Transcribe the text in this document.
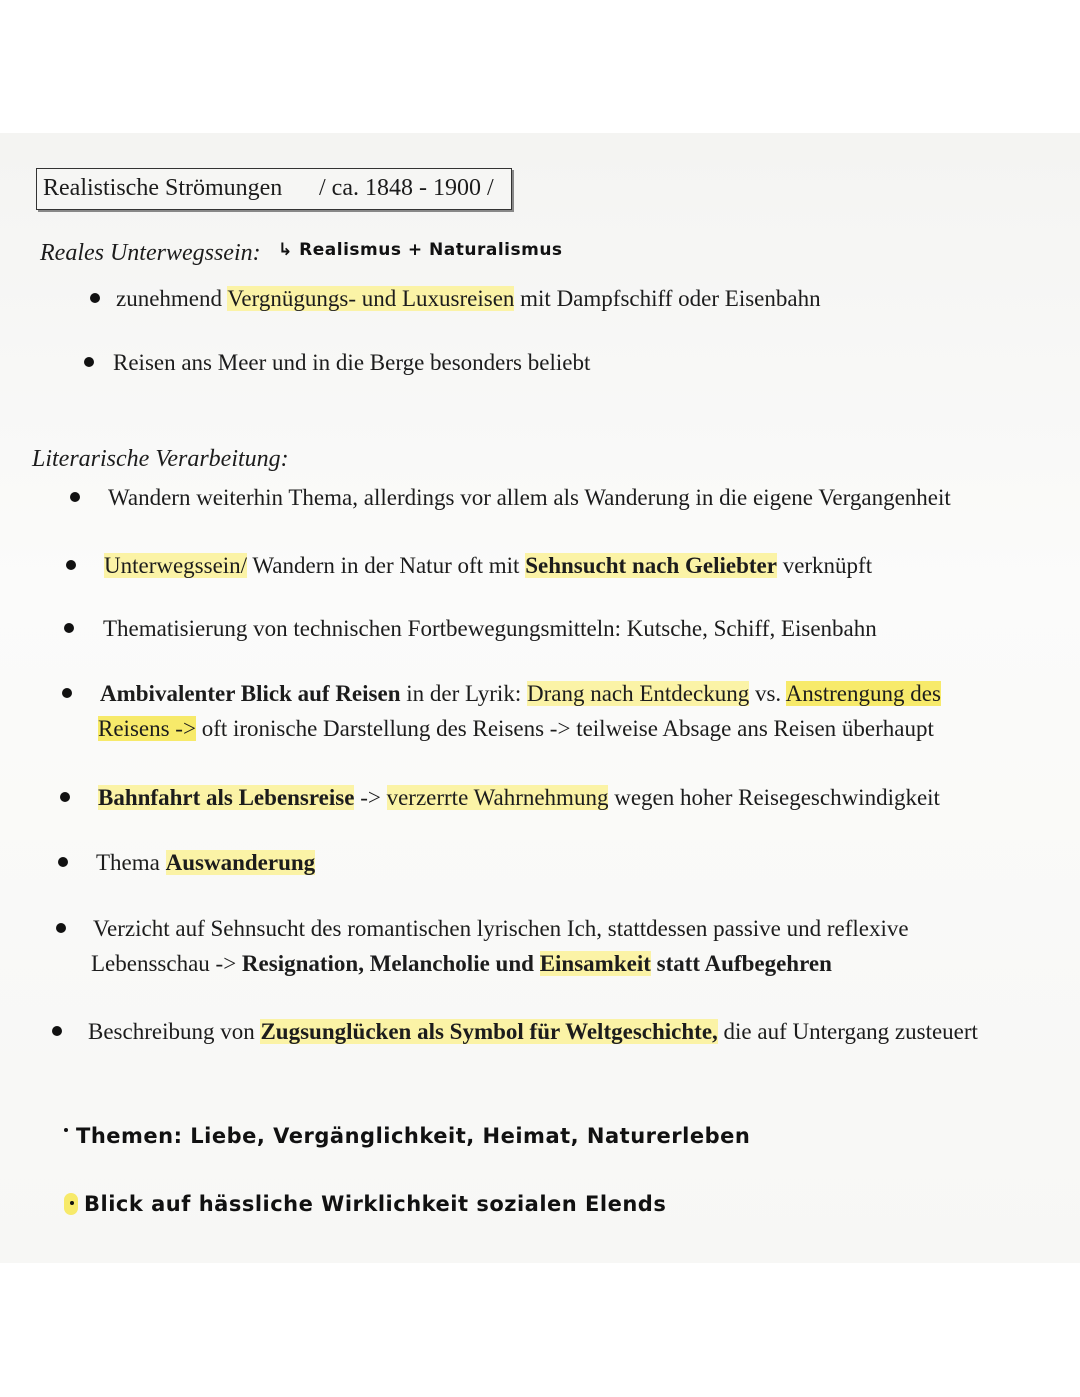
Realistische Strömungen / ca. 1848 - 1900 /
Reales Unterwegssein: ↳ Realismus + Naturalismus
zunehmend Vergnügungs- und Luxusreisen mit Dampfschiff oder Eisenbahn
Reisen ans Meer und in die Berge besonders beliebt
Literarische Verarbeitung:
Wandern weiterhin Thema, allerdings vor allem als Wanderung in die eigene Vergangenheit
Unterwegssein/ Wandern in der Natur oft mit Sehnsucht nach Geliebter verknüpft
Thematisierung von technischen Fortbewegungsmitteln: Kutsche, Schiff, Eisenbahn
Ambivalenter Blick auf Reisen in der Lyrik: Drang nach Entdeckung vs. Anstrengung des
Reisens -> oft ironische Darstellung des Reisens -> teilweise Absage ans Reisen überhaupt
Bahnfahrt als Lebensreise -> verzerrte Wahrnehmung wegen hoher Reisegeschwindigkeit
Thema Auswanderung
Verzicht auf Sehnsucht des romantischen lyrischen Ich, stattdessen passive und reflexive
Lebensschau -> Resignation, Melancholie und Einsamkeit statt Aufbegehren
Beschreibung von Zugsunglücken als Symbol für Weltgeschichte, die auf Untergang zusteuert
Themen: Liebe, Vergänglichkeit, Heimat, Naturerleben
Blick auf hässliche Wirklichkeit sozialen Elends
